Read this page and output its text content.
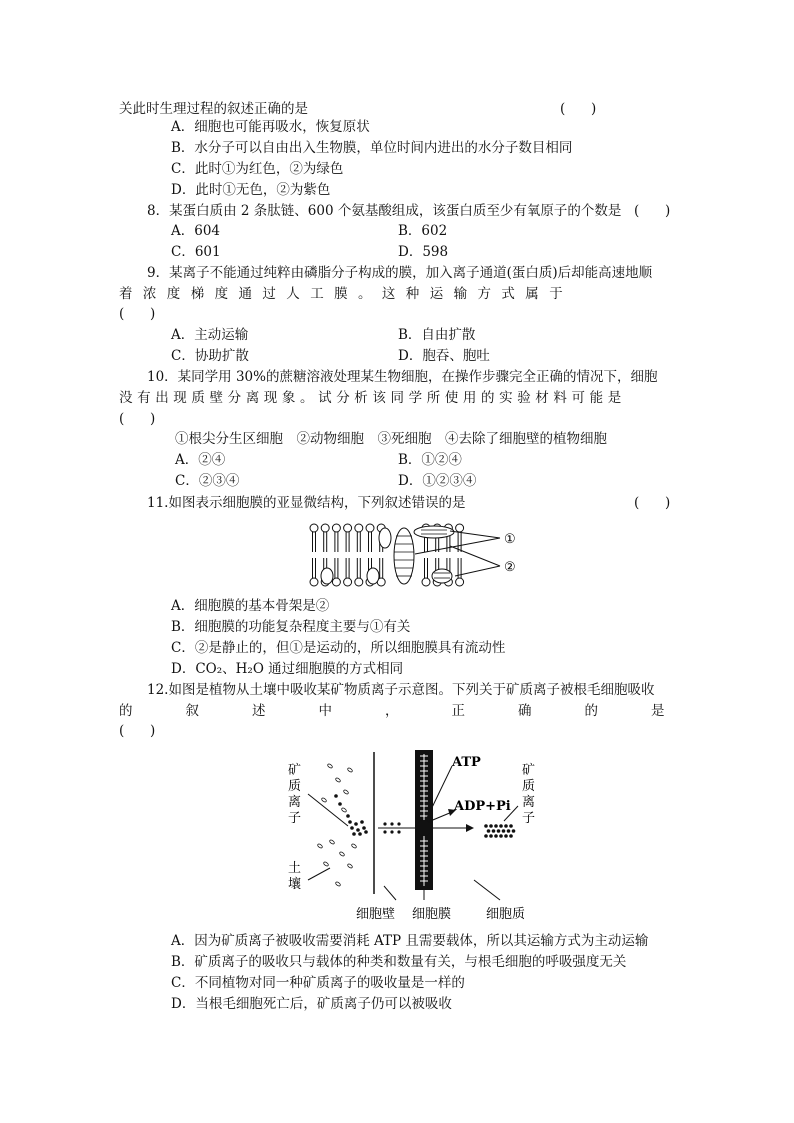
关此时生理过程的叙述正确的是	(      )
A．细胞也可能再吸水，恢复原状
B．水分子可以自由出入生物膜，单位时间内进出的水分子数目相同
C．此时①为红色，②为绿色
D．此时①无色，②为紫色
8．某蛋白质由 2 条肽链、600 个氨基酸组成，该蛋白质至少有氧原子的个数是 (      )
A．604	B．602
C．601	D．598
9．某离子不能通过纯粹由磷脂分子构成的膜，加入离子通道(蛋白质)后却能高速地顺
着浓度梯度通过人工膜。这种运输方式属于
(      )
A．主动运输	B．自由扩散
C．协助扩散	D．胞吞、胞吐
10．某同学用 30%的蔗糖溶液处理某生物细胞，在操作步骤完全正确的情况下，细胞
没有出现质壁分离现象。试分析该同学所使用的实验材料可能是
(      )
①根尖分生区细胞　②动物细胞　③死细胞　④去除了细胞壁的植物细胞
A．②④	B．①②④
C．②③④	D．①②③④
11.如图表示细胞膜的亚显微结构，下列叙述错误的是	(      )
①
②
A．细胞膜的基本骨架是②
B．细胞膜的功能复杂程度主要与①有关
C．②是静止的，但①是运动的，所以细胞膜具有流动性
D．CO₂、H₂O 通过细胞膜的方式相同
12.如图是植物从土壤中吸收某矿物质离子示意图。下列关于矿质离子被根毛细胞吸收
的叙述中，正确的是
(      )
矿
质
离
子
土
壤
ATP
ADP+Pi
矿
质
离
子
细胞壁 细胞膜	细胞质
A．因为矿质离子被吸收需要消耗 ATP 且需要载体，所以其运输方式为主动运输
B．矿质离子的吸收只与载体的种类和数量有关，与根毛细胞的呼吸强度无关
C．不同植物对同一种矿质离子的吸收量是一样的
D．当根毛细胞死亡后，矿质离子仍可以被吸收
